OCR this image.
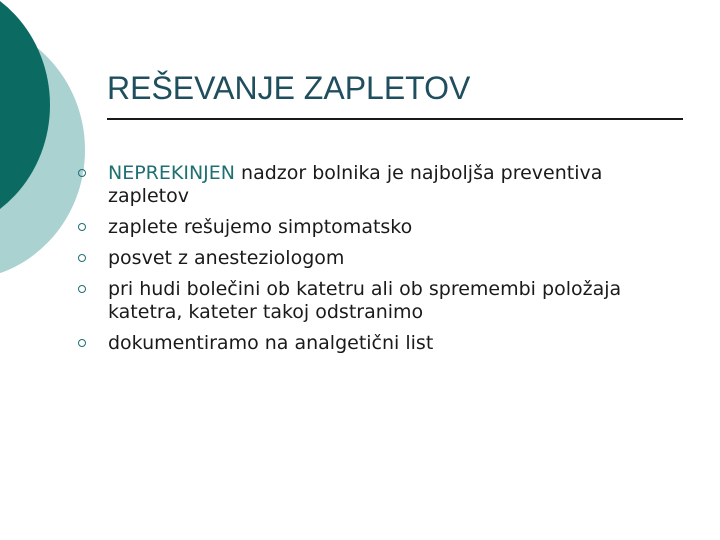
REŠEVANJE ZAPLETOV
NEPREKINJEN nadzor bolnika je najboljša preventiva zapletov
zaplete rešujemo simptomatsko
posvet z anesteziologom
pri hudi bolečini ob katetru ali ob spremembi položaja katetra, kateter takoj odstranimo
dokumentiramo na analgetični list
